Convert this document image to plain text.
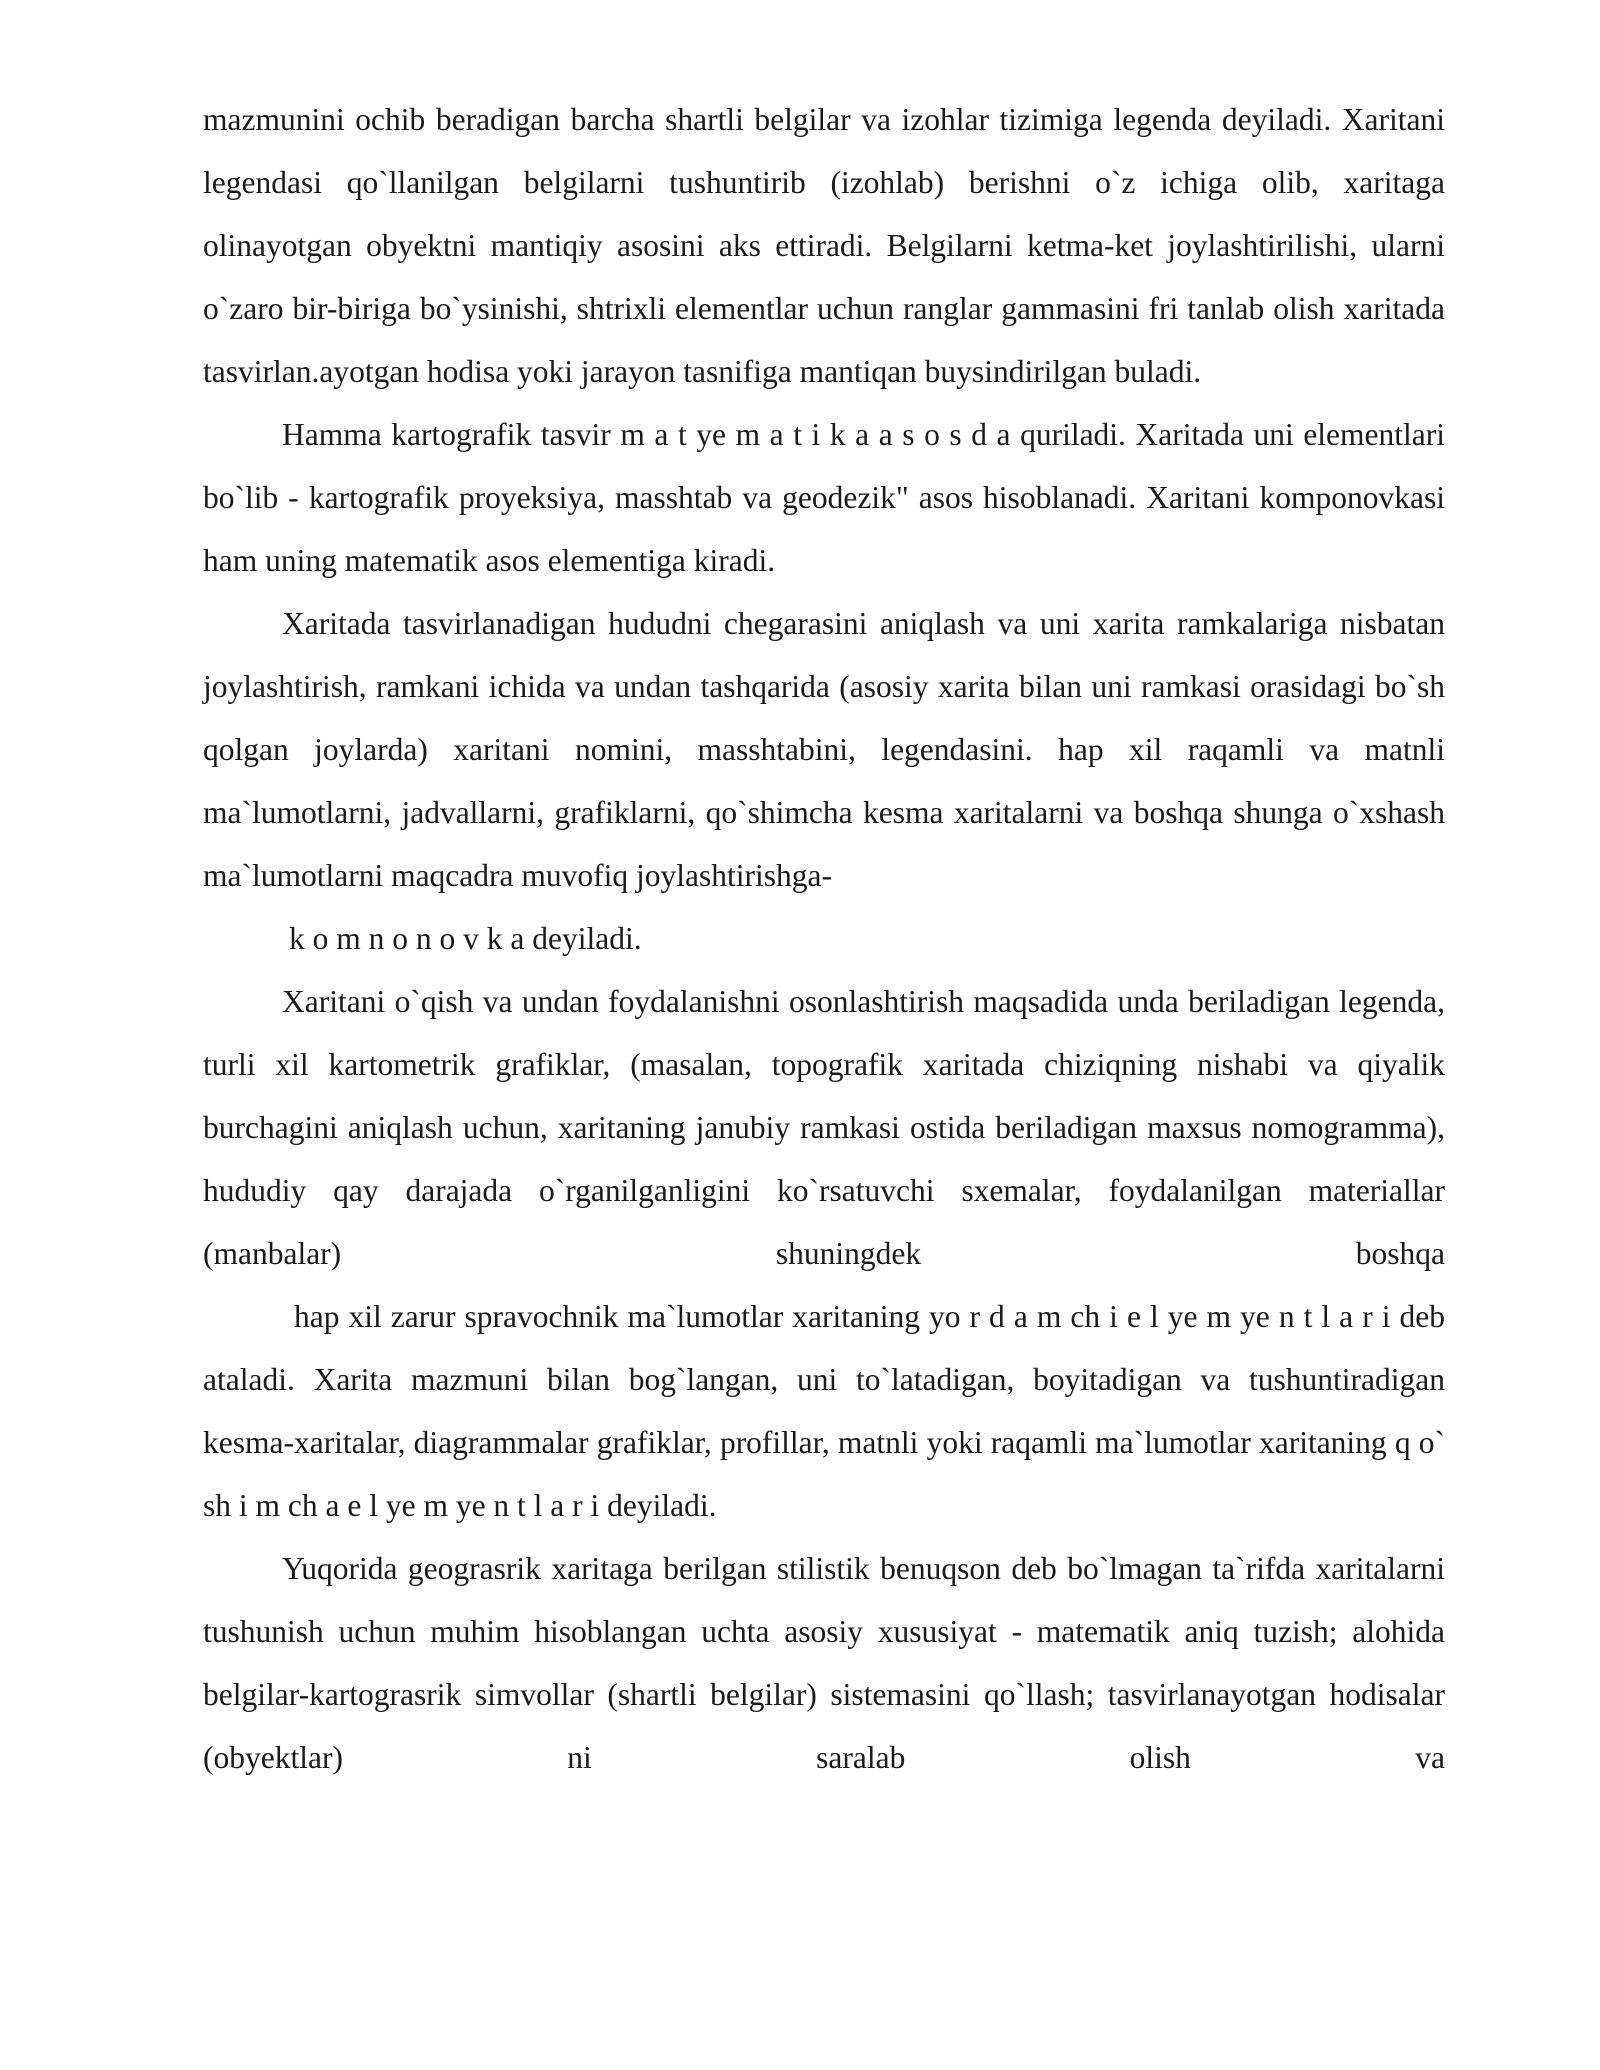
mazmunini ochib beradigan barcha shartli belgilar va izohlar tizimiga legenda deyiladi. Xaritani legendasi qo`llanilgan belgilarni tushuntirib (izohlab) berishni o`z ichiga olib, xaritaga olinayotgan obyektni mantiqiy asosini aks ettiradi. Belgilarni ketma-ket joylashtirilishi, ularni o`zaro bir-biriga bo`ysinishi, shtrixli elementlar uchun ranglar gammasini fri tanlab olish xaritada tasvirlan.ayotgan hodisa yoki jarayon tasnifiga mantiqan buysindirilgan buladi.

Hamma kartografik tasvir m a t ye m a t i k a a s o s d a quriladi. Xaritada uni elementlari bo`lib - kartografik proyeksiya, masshtab va geodezik" asos hisoblanadi. Xaritani komponovkasi ham uning matematik asos elementiga kiradi.

Xaritada tasvirlanadigan hududni chegarasini aniqlash va uni xarita ramkalariga nisbatan joylashtirish, ramkani ichida va undan tashqarida (asosiy xarita bilan uni ramkasi orasidagi bo`sh qolgan joylarda) xaritani nomini, masshtabini, legendasini. hap xil raqamli va matnli ma`lumotlarni, jadvallarni, grafiklarni, qo`shimcha kesma xaritalarni va boshqa shunga o`xshash ma`lumotlarni maqcadra muvofiq joylashtirishga-

k o m n o n o v k a deyiladi.

Xaritani o`qish va undan foydalanishni osonlashtirish maqsadida unda beriladigan legenda, turli xil kartometrik grafiklar, (masalan, topografik xaritada chiziqning nishabi va qiyalik burchagini aniqlash uchun, xaritaning janubiy ramkasi ostida beriladigan maxsus nomogramma), hududiy qay darajada o`rganilganligini ko`rsatuvchi sxemalar, foydalanilgan materiallar (manbalar) shuningdek boshqa

hap xil zarur spravochnik ma`lumotlar xaritaning yo r d a m ch i e l ye m ye n t l a r i deb ataladi. Xarita mazmuni bilan bog`langan, uni to`latadigan, boyitadigan va tushuntiradigan kesma-xaritalar, diagrammalar grafiklar, profillar, matnli yoki raqamli ma`lumotlar xaritaning q o` sh i m ch a e l ye m ye n t l a r i deyiladi.

Yuqorida geograsrik xaritaga berilgan stilistik benuqson deb bo`lmagan ta`rifda xaritalarni tushunish uchun muhim hisoblangan uchta asosiy xususiyat - matematik aniq tuzish; alohida belgilar-kartograsrik simvollar (shartli belgilar) sistemasini qo`llash; tasvirlanayotgan hodisalar (obyektlar) ni saralab olish va
